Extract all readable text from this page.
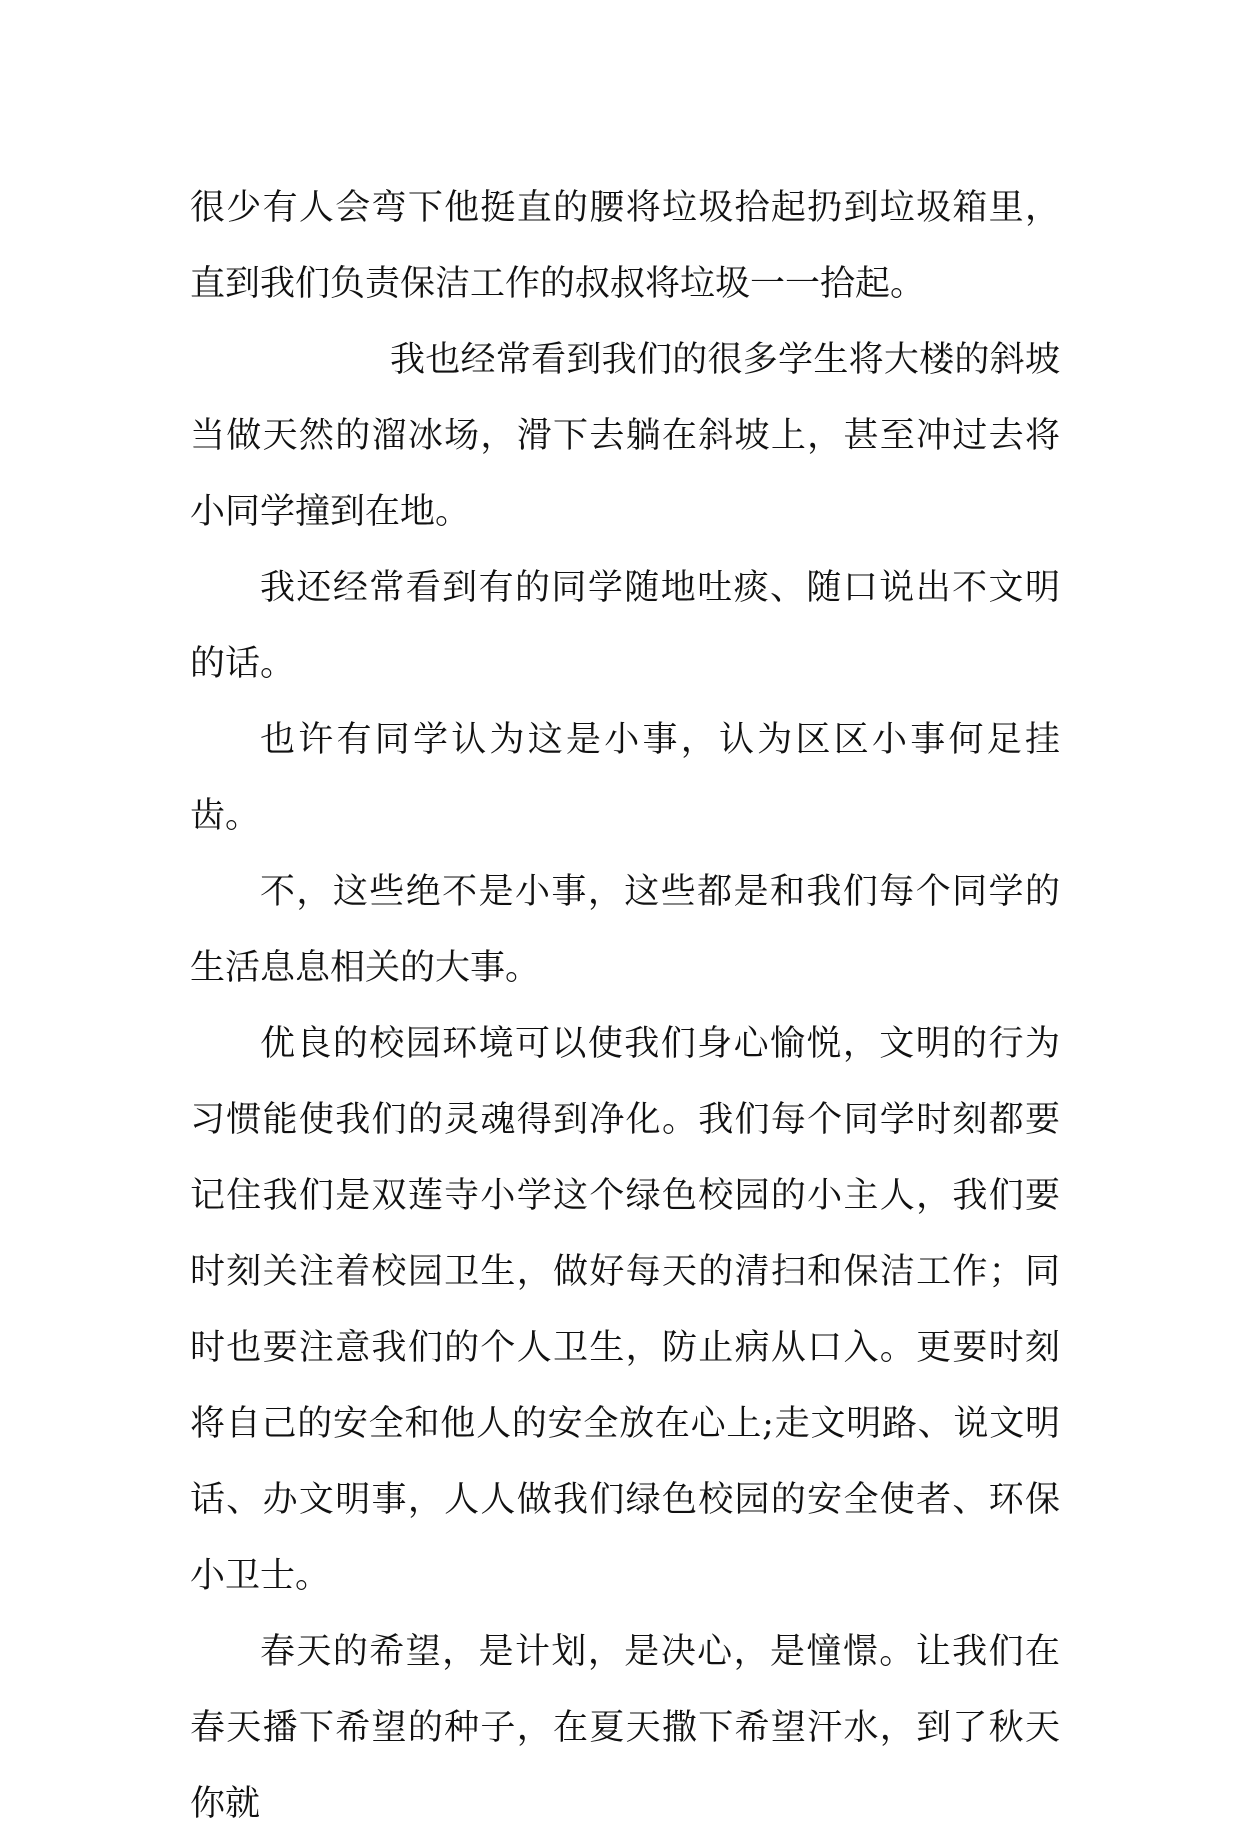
很少有人会弯下他挺直的腰将垃圾拾起扔到垃圾箱里，直到我们负责保洁工作的叔叔将垃圾一一拾起。

我也经常看到我们的很多学生将大楼的斜坡当做天然的溜冰场，滑下去躺在斜坡上，甚至冲过去将小同学撞到在地。

我还经常看到有的同学随地吐痰、随口说出不文明的话。

也许有同学认为这是小事，认为区区小事何足挂齿。

不，这些绝不是小事，这些都是和我们每个同学的生活息息相关的大事。

优良的校园环境可以使我们身心愉悦，文明的行为习惯能使我们的灵魂得到净化。我们每个同学时刻都要记住我们是双莲寺小学这个绿色校园的小主人，我们要时刻关注着校园卫生，做好每天的清扫和保洁工作；同时也要注意我们的个人卫生，防止病从口入。更要时刻将自己的安全和他人的安全放在心上;走文明路、说文明话、办文明事，人人做我们绿色校园的安全使者、环保小卫士。

春天的希望，是计划，是决心，是憧憬。让我们在春天播下希望的种子，在夏天撒下希望汗水，到了秋天你就
